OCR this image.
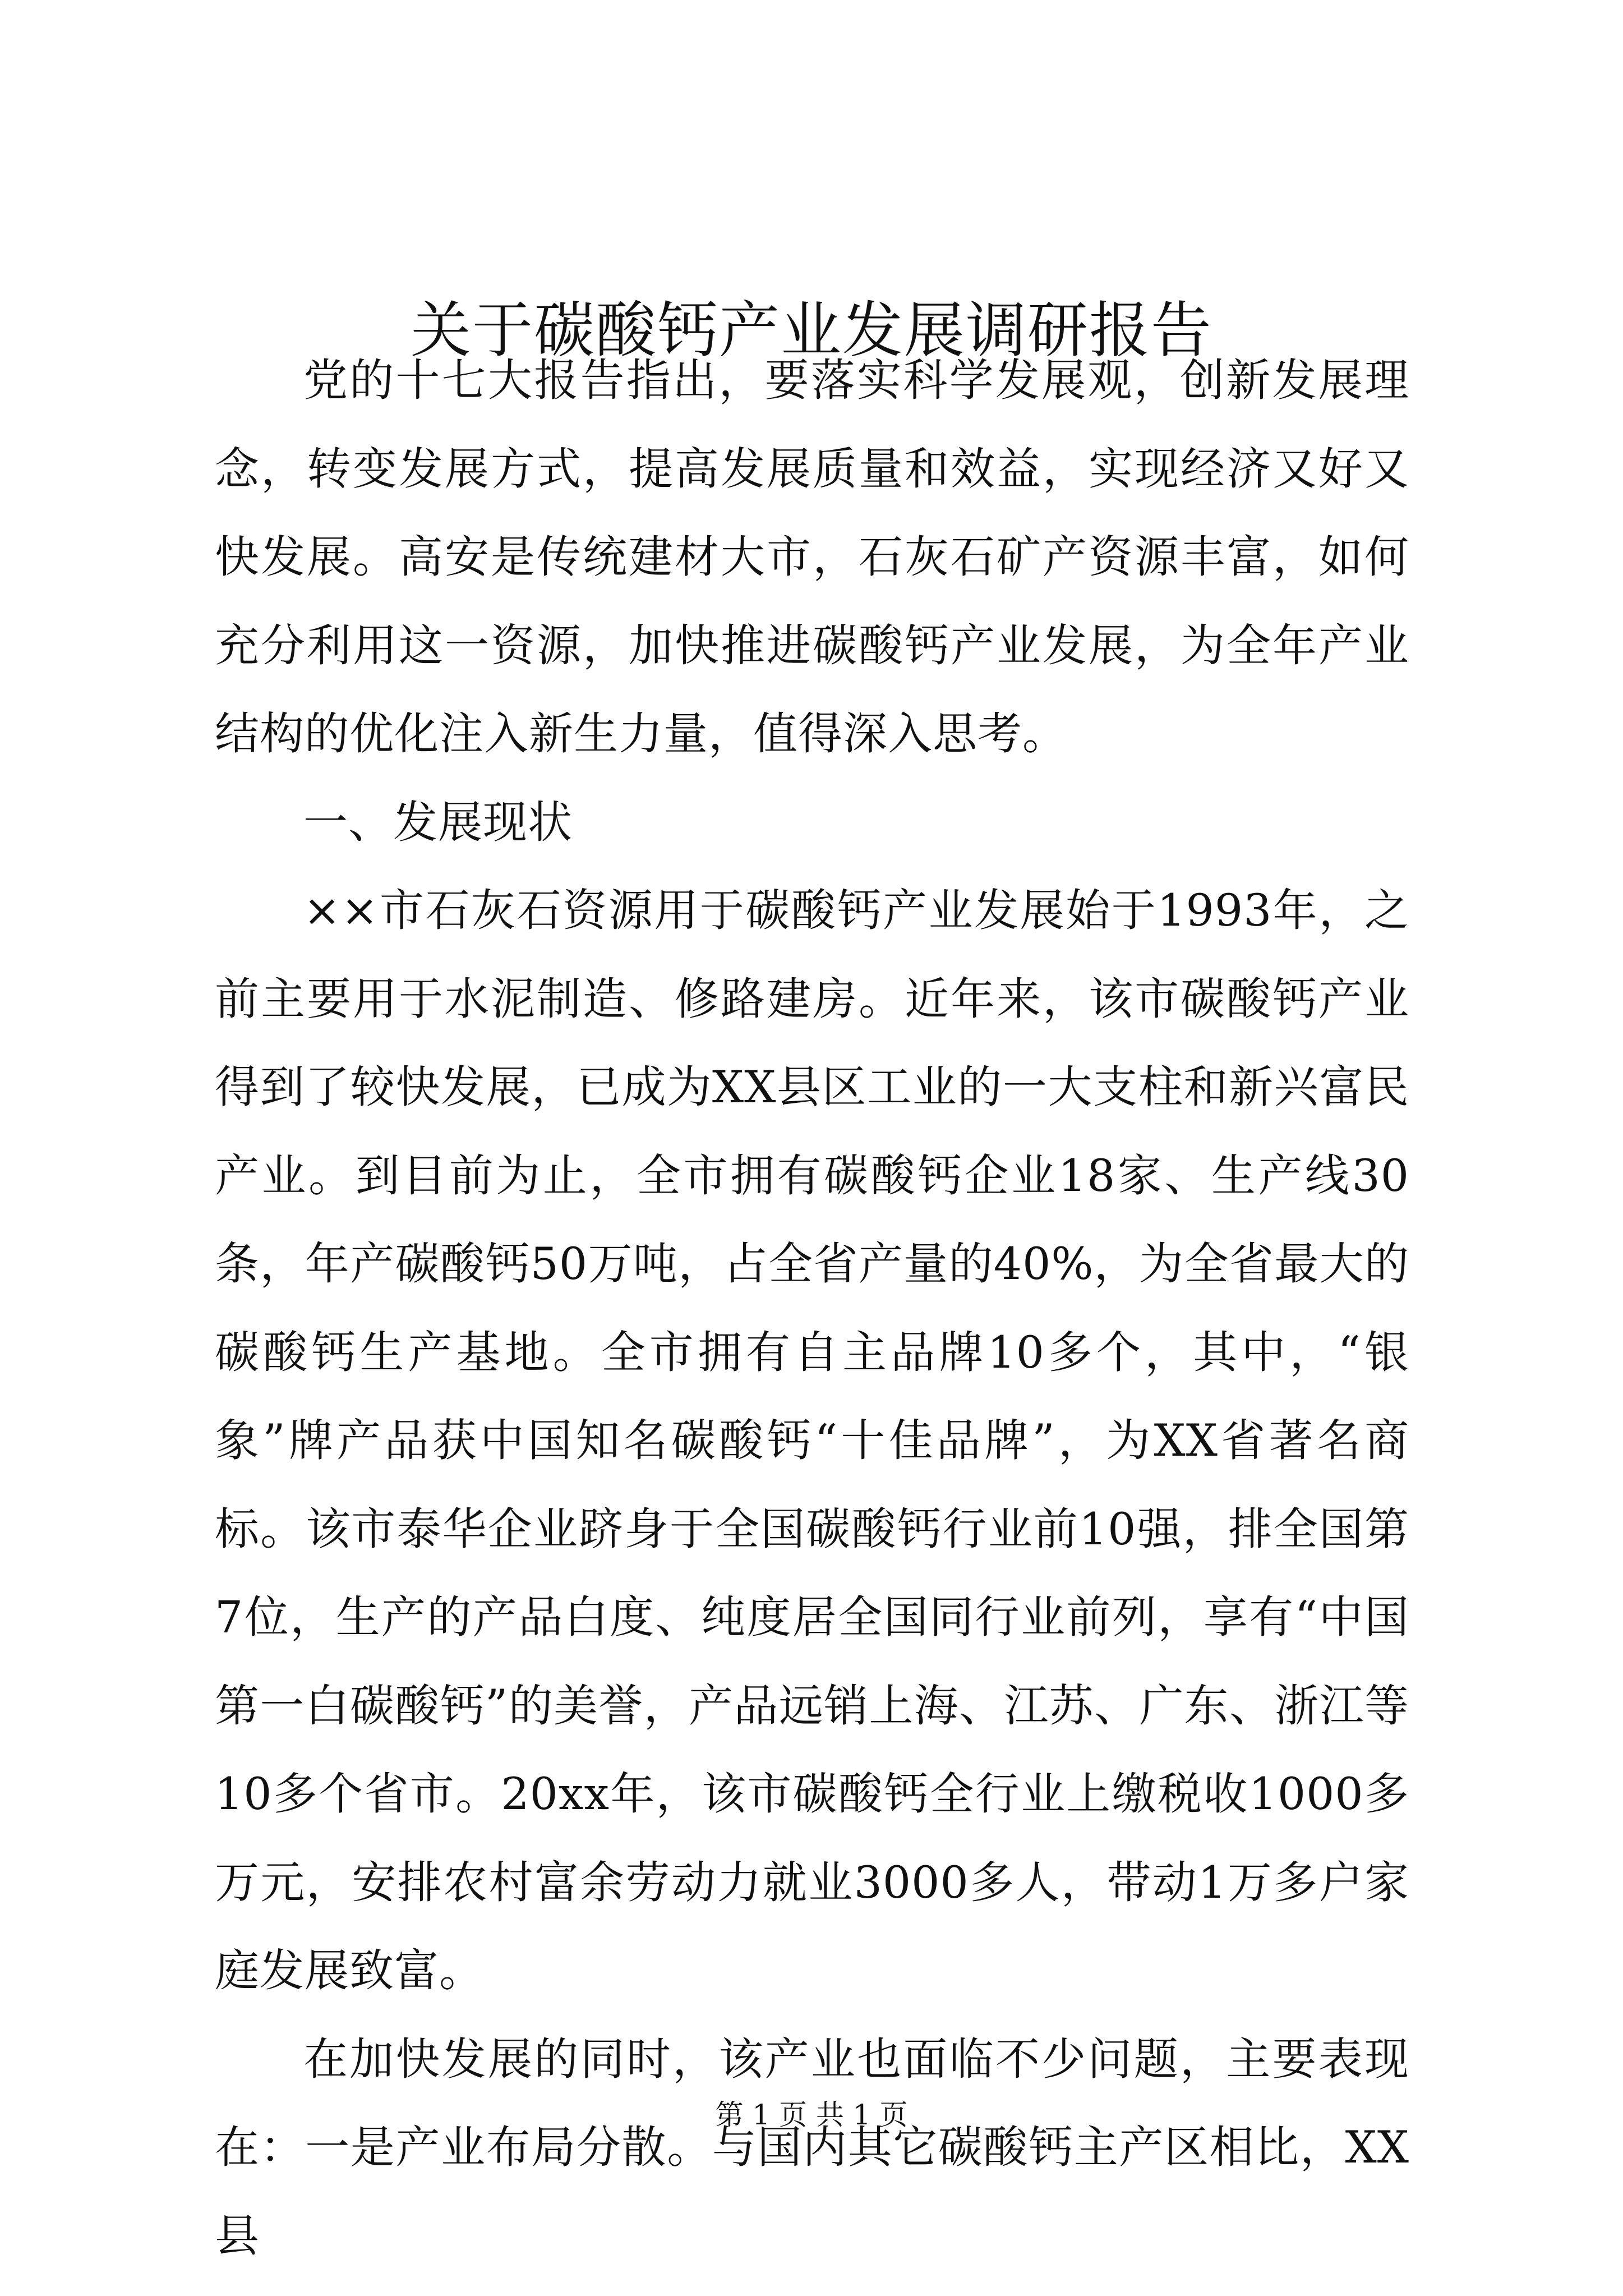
关于碳酸钙产业发展调研报告

党的十七大报告指出，要落实科学发展观，创新发展理念，转变发展方式，提高发展质量和效益，实现经济又好又快发展。高安是传统建材大市，石灰石矿产资源丰富，如何充分利用这一资源，加快推进碳酸钙产业发展，为全年产业结构的优化注入新生力量，值得深入思考。

一、发展现状

××市石灰石资源用于碳酸钙产业发展始于1993年，之前主要用于水泥制造、修路建房。近年来，该市碳酸钙产业得到了较快发展，已成为XX县区工业的一大支柱和新兴富民产业。到目前为止，全市拥有碳酸钙企业18家、生产线30条，年产碳酸钙50万吨，占全省产量的40%，为全省最大的碳酸钙生产基地。全市拥有自主品牌10多个，其中，“银象”牌产品获中国知名碳酸钙“十佳品牌”，为XX省著名商标。该市泰华企业跻身于全国碳酸钙行业前10强，排全国第7位，生产的产品白度、纯度居全国同行业前列，享有“中国第一白碳酸钙”的美誉，产品远销上海、江苏、广东、浙江等10多个省市。20xx年，该市碳酸钙全行业上缴税收1000多万元，安排农村富余劳动力就业3000多人，带动1万多户家庭发展致富。

在加快发展的同时，该产业也面临不少问题，主要表现在：一是产业布局分散。与国内其它碳酸钙主产区相比，XX县

第 1 页 共 1 页
